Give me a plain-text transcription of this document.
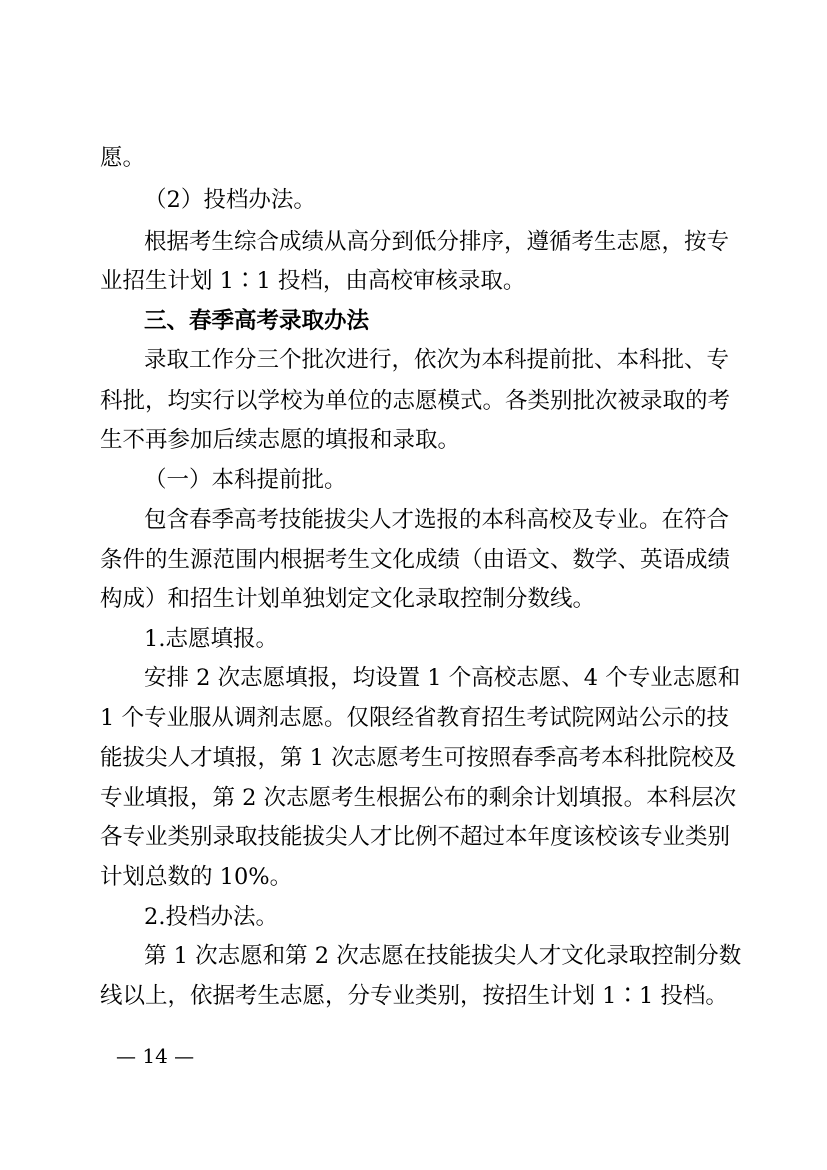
愿。
（2）投档办法。
根据考生综合成绩从高分到低分排序，遵循考生志愿，按专
业招生计划 1∶1 投档，由高校审核录取。
三、春季高考录取办法
录取工作分三个批次进行，依次为本科提前批、本科批、专
科批，均实行以学校为单位的志愿模式。各类别批次被录取的考
生不再参加后续志愿的填报和录取。
（一）本科提前批。
包含春季高考技能拔尖人才选报的本科高校及专业。在符合
条件的生源范围内根据考生文化成绩（由语文、数学、英语成绩
构成）和招生计划单独划定文化录取控制分数线。
1.志愿填报。
安排 2 次志愿填报，均设置 1 个高校志愿、4 个专业志愿和
1 个专业服从调剂志愿。仅限经省教育招生考试院网站公示的技
能拔尖人才填报，第 1 次志愿考生可按照春季高考本科批院校及
专业填报，第 2 次志愿考生根据公布的剩余计划填报。本科层次
各专业类别录取技能拔尖人才比例不超过本年度该校该专业类别
计划总数的 10%。
2.投档办法。
第 1 次志愿和第 2 次志愿在技能拔尖人才文化录取控制分数
线以上，依据考生志愿，分专业类别，按招生计划 1∶1 投档。
— 14 —
